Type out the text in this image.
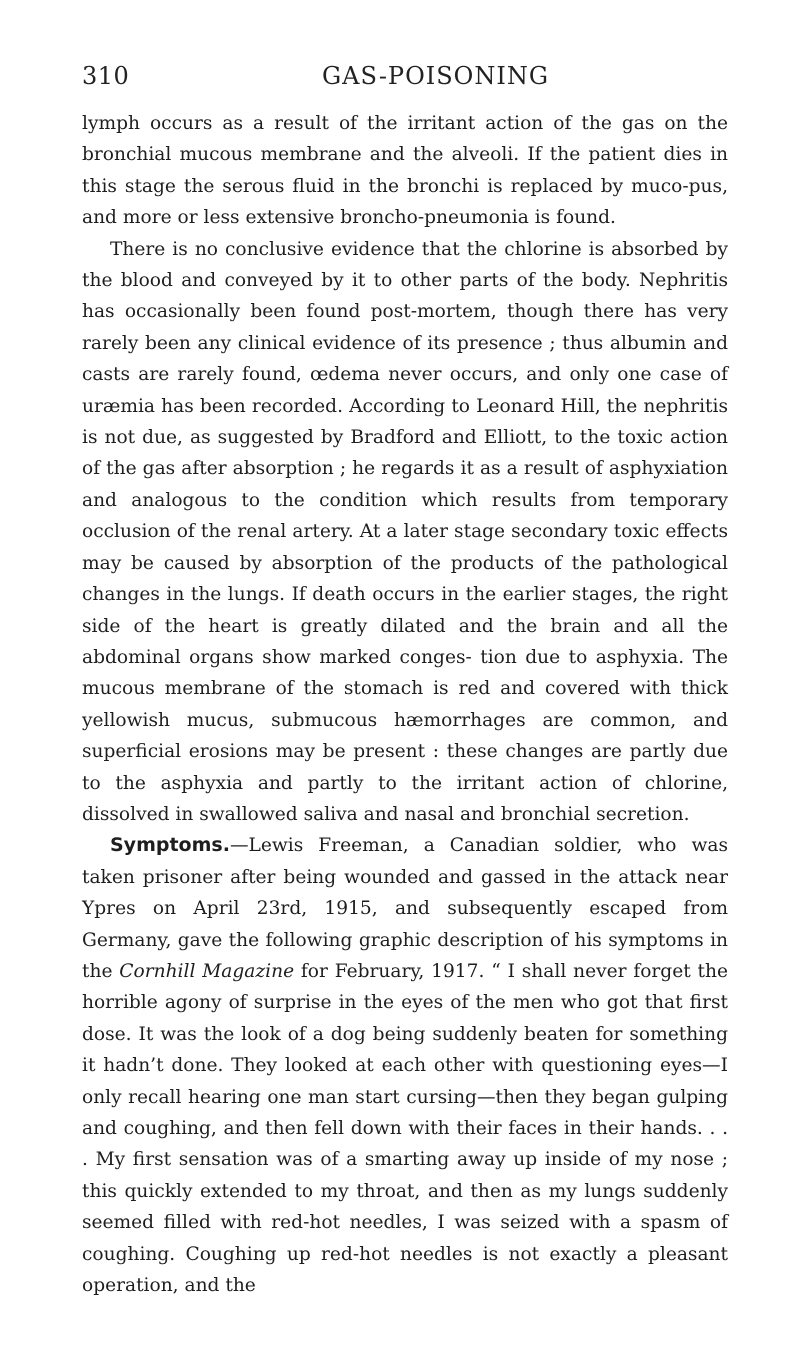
310	GAS-POISONING

lymph occurs as a result of the irritant action of the gas on the bronchial mucous membrane and the alveoli. If the patient dies in this stage the serous fluid in the bronchi is replaced by muco-pus, and more or less extensive broncho-pneumonia is found.

There is no conclusive evidence that the chlorine is absorbed by the blood and conveyed by it to other parts of the body. Nephritis has occasionally been found post-mortem, though there has very rarely been any clinical evidence of its presence ; thus albumin and casts are rarely found, œdema never occurs, and only one case of uræmia has been recorded. According to Leonard Hill, the nephritis is not due, as suggested by Bradford and Elliott, to the toxic action of the gas after absorption ; he regards it as a result of asphyxiation and analogous to the condition which results from temporary occlusion of the renal artery. At a later stage secondary toxic effects may be caused by absorption of the products of the pathological changes in the lungs. If death occurs in the earlier stages, the right side of the heart is greatly dilated and the brain and all the abdominal organs show marked conges- tion due to asphyxia. The mucous membrane of the stomach is red and covered with thick yellowish mucus, submucous hæmorrhages are common, and superficial erosions may be present : these changes are partly due to the asphyxia and partly to the irritant action of chlorine, dissolved in swallowed saliva and nasal and bronchial secretion.

Symptoms.—Lewis Freeman, a Canadian soldier, who was taken prisoner after being wounded and gassed in the attack near Ypres on April 23rd, 1915, and subsequently escaped from Germany, gave the following graphic description of his symptoms in the Cornhill Magazine for February, 1917. “ I shall never forget the horrible agony of surprise in the eyes of the men who got that first dose. It was the look of a dog being suddenly beaten for something it hadn’t done. They looked at each other with questioning eyes—I only recall hearing one man start cursing—then they began gulping and coughing, and then fell down with their faces in their hands. . . . My first sensation was of a smarting away up inside of my nose ; this quickly extended to my throat, and then as my lungs suddenly seemed filled with red-hot needles, I was seized with a spasm of coughing. Coughing up red-hot needles is not exactly a pleasant operation, and the
